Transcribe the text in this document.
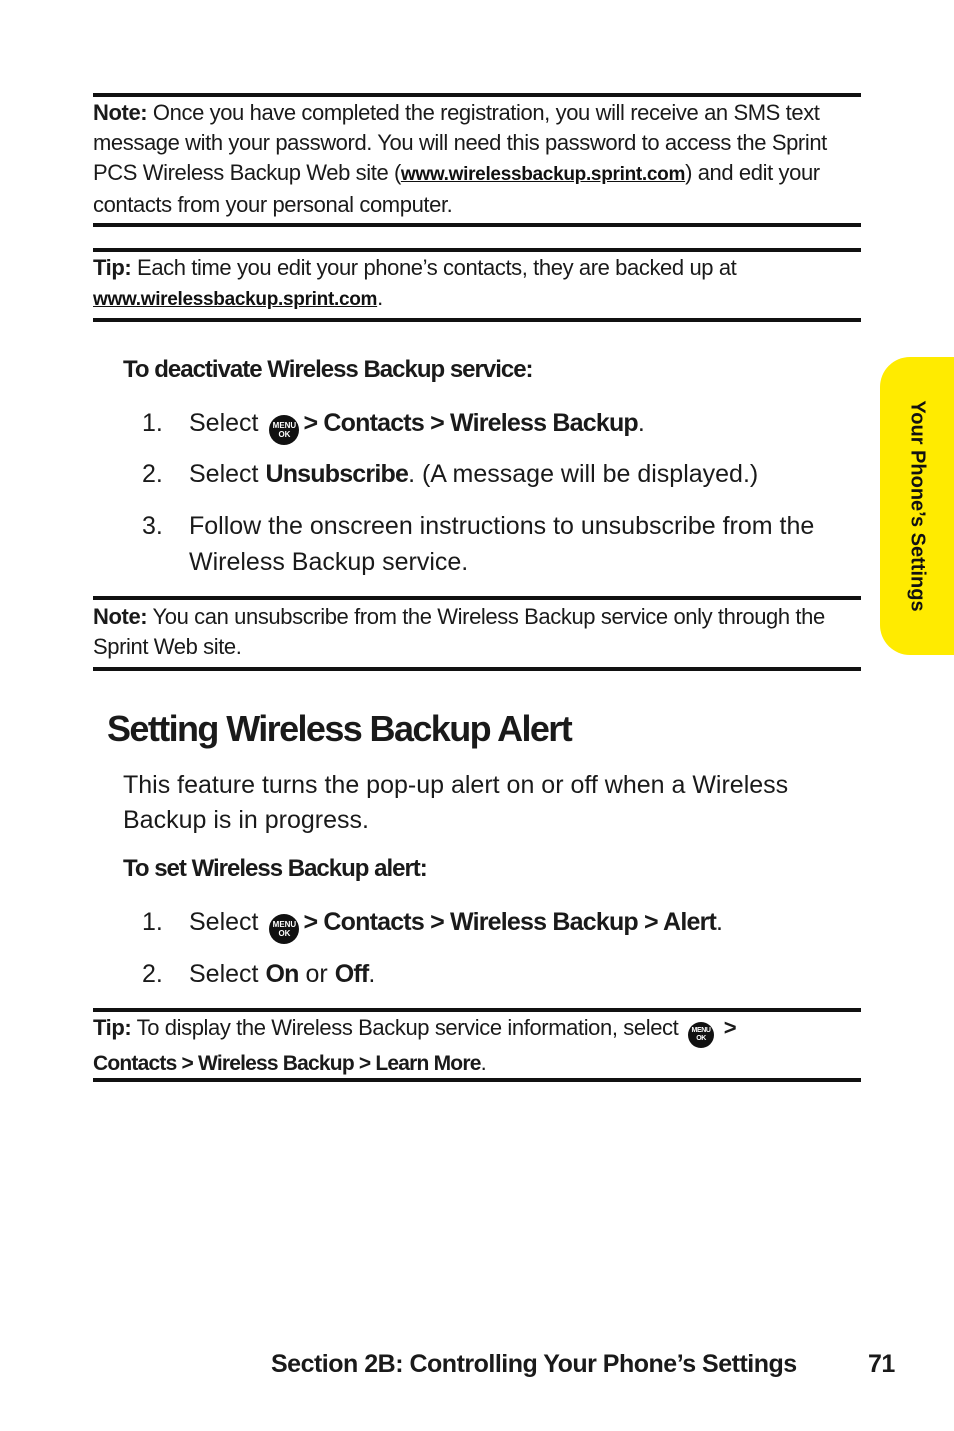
Note: Once you have completed the registration, you will receive an SMS text message with your password. You will need this password to access the Sprint PCS Wireless Backup Web site (www.wirelessbackup.sprint.com) and edit your contacts from your personal computer.
Tip: Each time you edit your phone’s contacts, they are backed up at www.wirelessbackup.sprint.com.
To deactivate Wireless Backup service:
1.	Select MENU
OK > Contacts > Wireless Backup.
2.	Select Unsubscribe. (A message will be displayed.)
3.	Follow the onscreen instructions to unsubscribe from the Wireless Backup service.
Note: You can unsubscribe from the Wireless Backup service only through the Sprint Web site.
Setting Wireless Backup Alert
This feature turns the pop-up alert on or off when a Wireless Backup is in progress.
To set Wireless Backup alert:
1.	Select MENU
OK > Contacts > Wireless Backup > Alert.
2.	Select On or Off.
Tip: To display the Wireless Backup service information, select MENU
OK >
Contacts > Wireless Backup > Learn More.
Your Phone’s Settings
Section 2B: Controlling Your Phone’s Settings	71
